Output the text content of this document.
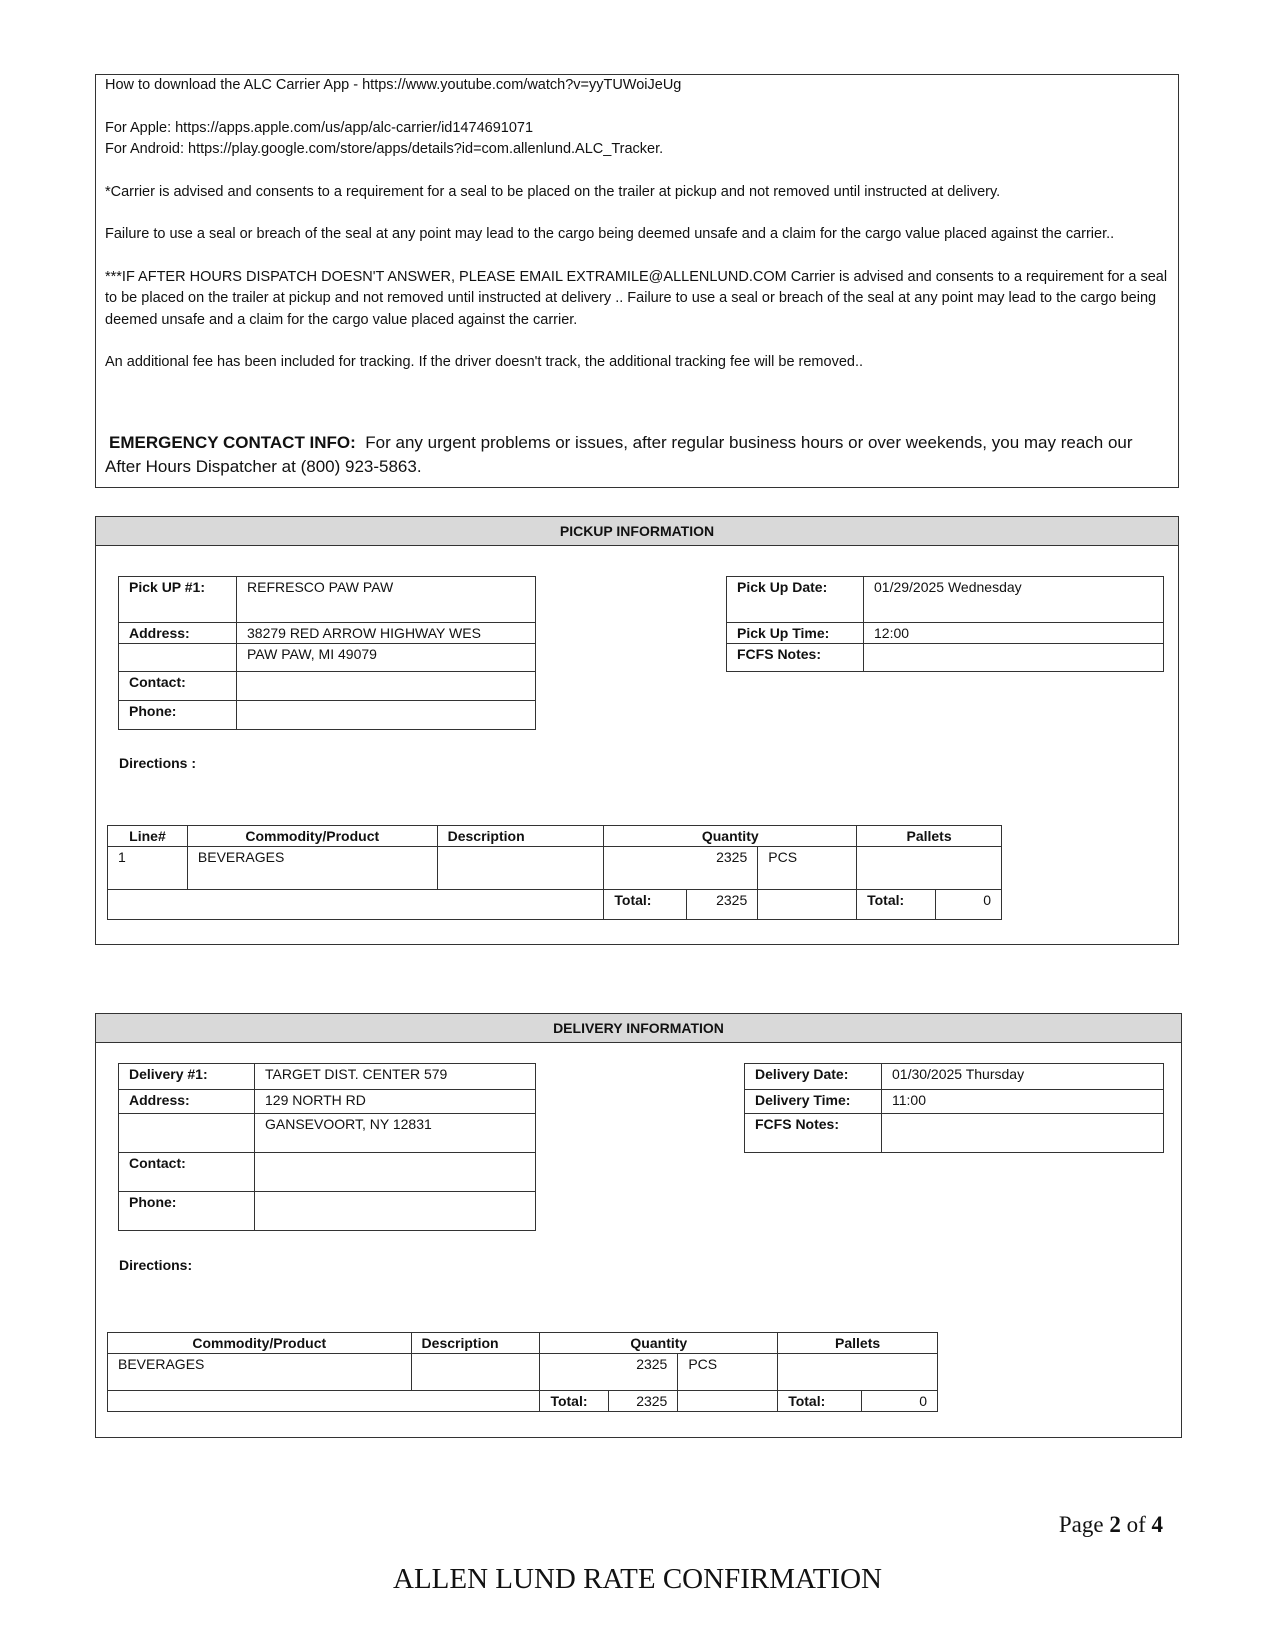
How to download the ALC Carrier App - https://www.youtube.com/watch?v=yyTUWoiJeUg

For Apple: https://apps.apple.com/us/app/alc-carrier/id1474691071

For Android: https://play.google.com/store/apps/details?id=com.allenlund.ALC_Tracker.

*Carrier is advised and consents to a requirement for a seal to be placed on the trailer at pickup and not removed until instructed at delivery.

Failure to use a seal or breach of the seal at any point may lead to the cargo being deemed unsafe and a claim for the cargo value placed against the carrier..

***IF AFTER HOURS DISPATCH DOESN'T ANSWER, PLEASE EMAIL EXTRAMILE@ALLENLUND.COM Carrier is advised and consents to a requirement for a seal to be placed on the trailer at pickup and not removed until instructed at delivery .. Failure to use a seal or breach of the seal at any point may lead to the cargo being deemed unsafe and a claim for the cargo value placed against the carrier.

An additional fee has been included for tracking. If the driver doesn't track, the additional tracking fee will be removed..

EMERGENCY CONTACT INFO: For any urgent problems or issues, after regular business hours or over weekends, you may reach our After Hours Dispatcher at (800) 923-5863.

PICKUP INFORMATION
Pick UP #1:	REFRESCO PAW PAW
Address:	38279 RED ARROW HIGHWAY WES
	PAW PAW, MI 49079
Contact:	
Phone:	
Pick Up Date:	01/29/2025 Wednesday
Pick Up Time:	12:00
FCFS Notes:	
Directions :
Line#	Commodity/Product	Description	Quantity			Pallets	
1	BEVERAGES		2325		PCS		
			Total:	2325		Total:	0
DELIVERY INFORMATION
Delivery #1:	TARGET DIST. CENTER 579
Address:	129 NORTH RD
	GANSEVOORT, NY 12831
Contact:	
Phone:	
Delivery Date:	01/30/2025 Thursday
Delivery Time:	11:00
FCFS Notes:	
Directions:
Commodity/Product	Description	Quantity			Pallets	
BEVERAGES		2325		PCS		
		Total:	2325		Total:	0
Page 2 of 4
ALLEN LUND RATE CONFIRMATION
